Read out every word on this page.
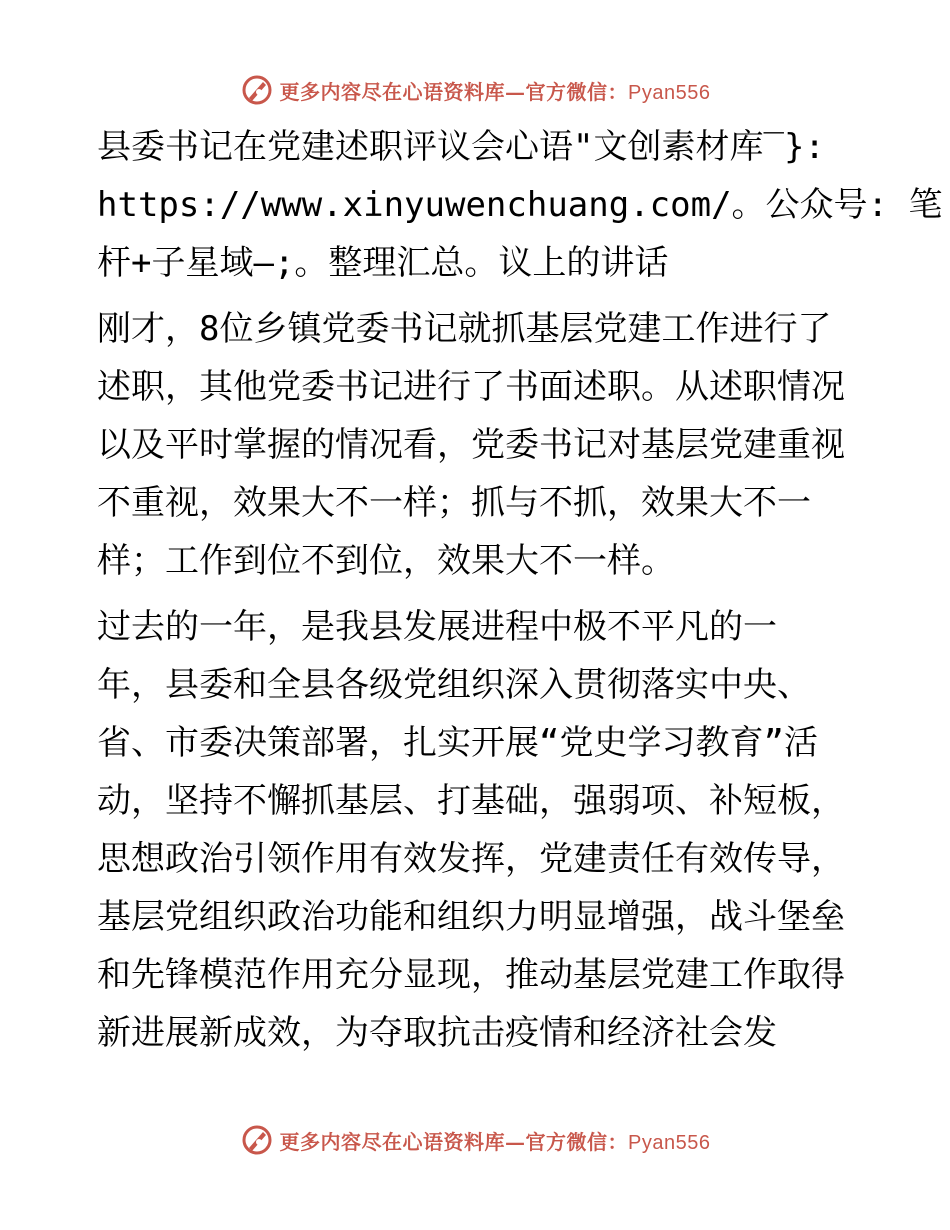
更多内容尽在心语资料库—官方微信：Pyan556

县委书记在党建述职评议会心语"文创素材库‾}:
https://www.xinyuwenchuang.com/。公众号: 笔
杆+子星域—;。整理汇总。议上的讲话

刚才，8位乡镇党委书记就抓基层党建工作进行了
述职，其他党委书记进行了书面述职。从述职情况
以及平时掌握的情况看，党委书记对基层党建重视
不重视，效果大不一样；抓与不抓，效果大不一
样；工作到位不到位，效果大不一样。

过去的一年，是我县发展进程中极不平凡的一
年，县委和全县各级党组织深入贯彻落实中央、
省、市委决策部署，扎实开展“党史学习教育”活
动，坚持不懈抓基层、打基础，强弱项、补短板，
思想政治引领作用有效发挥，党建责任有效传导，
基层党组织政治功能和组织力明显增强，战斗堡垒
和先锋模范作用充分显现，推动基层党建工作取得
新进展新成效，为夺取抗击疫情和经济社会发

更多内容尽在心语资料库—官方微信：Pyan556
